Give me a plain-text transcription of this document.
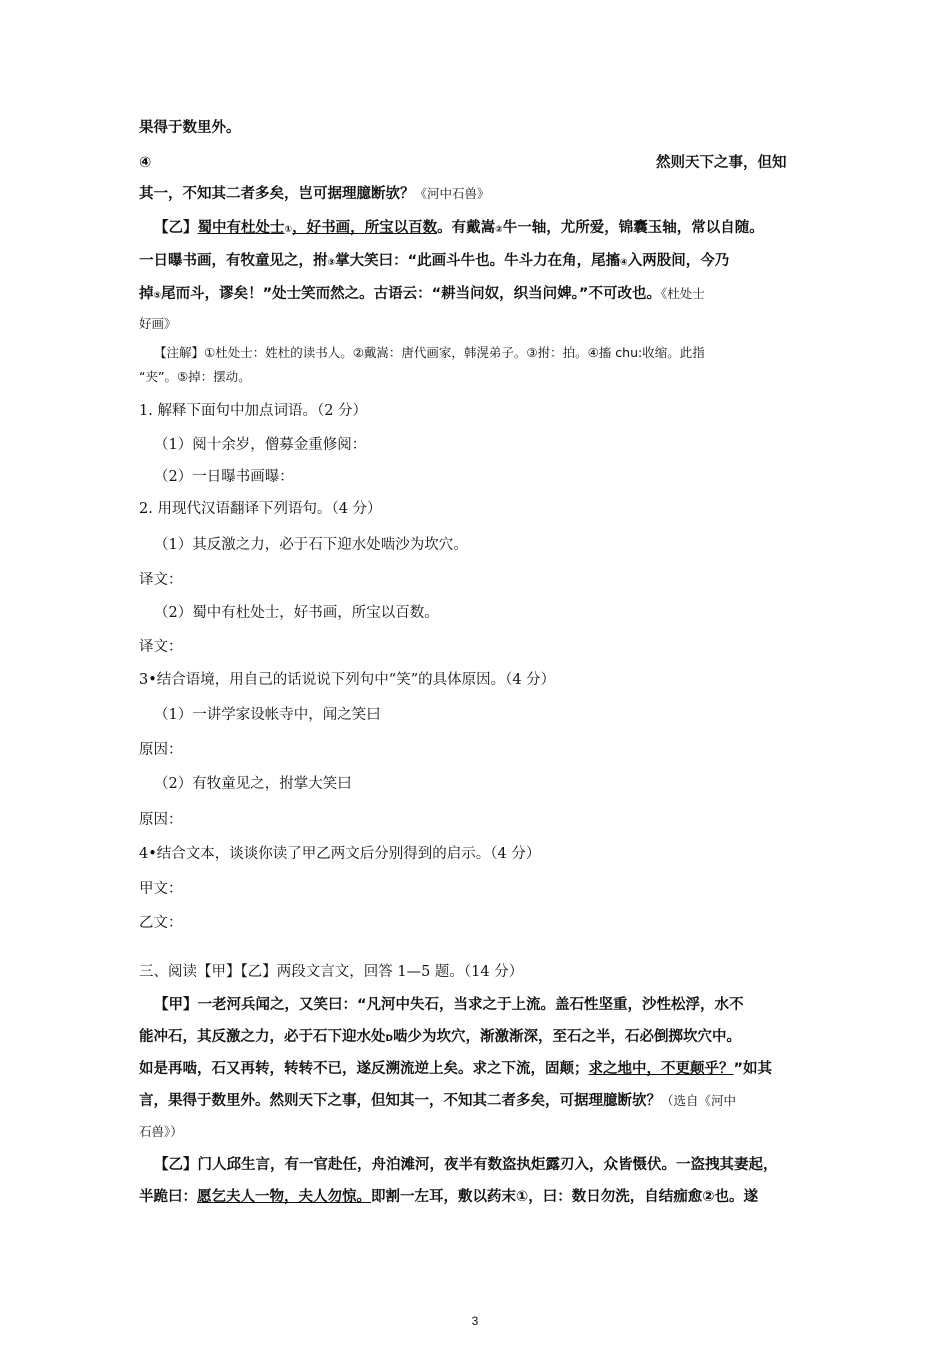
果得于数里外。
④	然则天下之事，但知
其一，不知其二者多矣，岂可据理臆断欤？《河中石兽》
【乙】蜀中有杜处士①，好书画，所宝以百数。有戴嵩②牛一轴，尤所爱，锦囊玉轴，常以自随。
一日曝书画，有牧童见之，拊③掌大笑曰：“此画斗牛也。牛斗力在角，尾搐④入两股间，今乃
掉⑤尾而斗，谬矣！”处士笑而然之。古语云：“耕当问奴，织当问婢。”不可改也。《杜处士
好画》
【注解】①杜处士：姓杜的读书人。②戴嵩：唐代画家，韩滉弟子。③拊：拍。④搐 chu:收缩。此指
“夹”。⑤掉：摆动。
1. 解释下面句中加点词语。（2 分）
（1）阅十余岁，僧募金重修阅：
（2）一日曝书画曝：
2. 用现代汉语翻译下列语句。（4 分）
（1）其反激之力，必于石下迎水处啮沙为坎穴。
译文：
（2）蜀中有杜处士，好书画，所宝以百数。
译文：
3•结合语境，用自己的话说说下列句中“笑”的具体原因。（4 分）
（1）一讲学家设帐寺中，闻之笑曰
原因：
（2）有牧童见之，拊掌大笑曰
原因：
4•结合文本，谈谈你读了甲乙两文后分别得到的启示。（4 分）
甲文：
乙文：
三、阅读【甲】【乙】两段文言文，回答 1—5 题。（14 分）
【甲】一老河兵闻之，又笑曰：“凡河中失石，当求之于上流。盖石性坚重，沙性松浮，水不
能冲石，其反激之力，必于石下迎水处D啮少为坎穴，渐激渐深，至石之半，石必倒掷坎穴中。
如是再啮，石又再转，转转不已，遂反溯流逆上矣。求之下流，固颠；求之地中，不更颠乎？”如其
言，果得于数里外。然则天下之事，但知其一，不知其二者多矣，可据理臆断欤？（选自《河中
石兽》）
【乙】门人邱生言，有一官赴任，舟泊滩河，夜半有数盗执炬露刃入，众皆慑伏。一盗拽其妻起，
半跪曰：愿乞夫人一物，夫人勿惊。即割一左耳，敷以药末①，曰：数日勿洗，自结痂愈②也。遂
3
